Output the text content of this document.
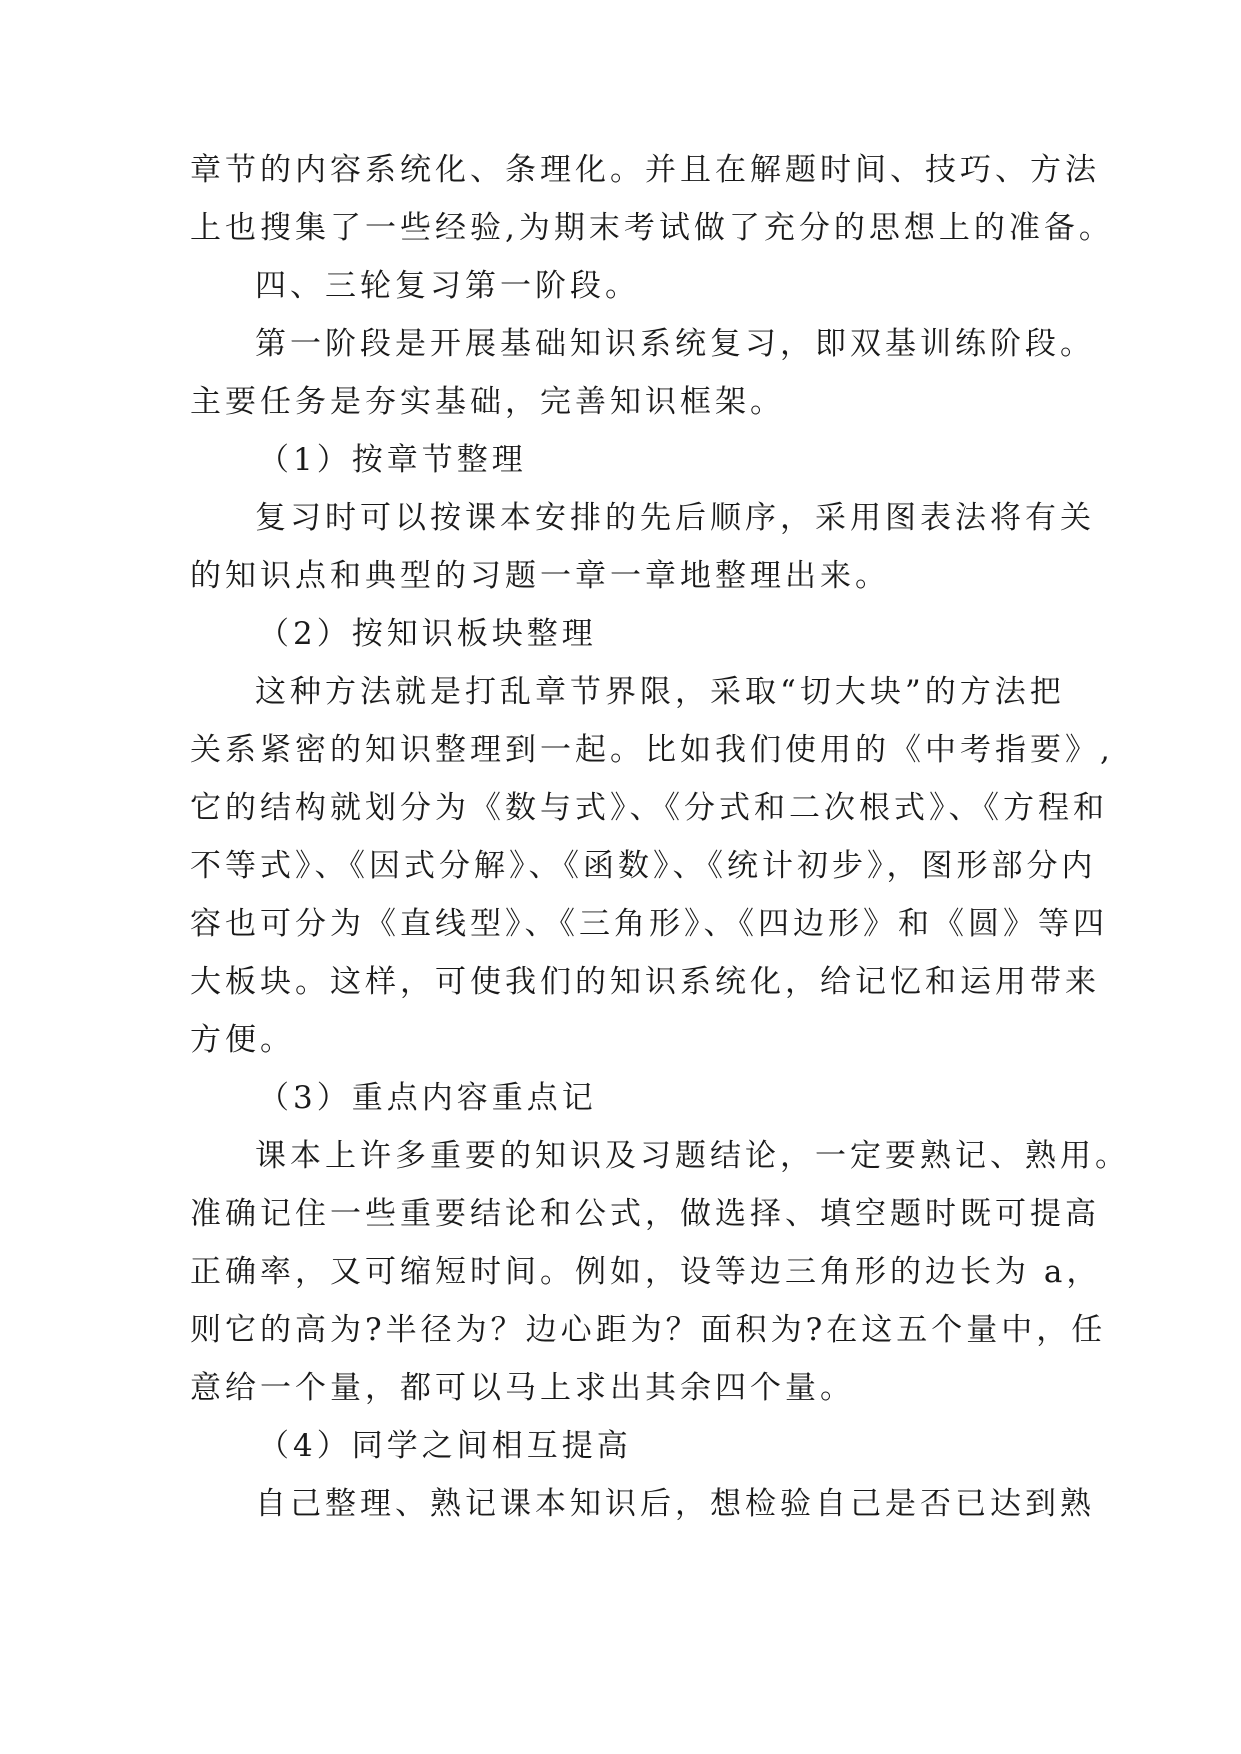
章节的内容系统化、条理化。并且在解题时间、技巧、方法
上也搜集了一些经验,为期末考试做了充分的思想上的准备。
四、三轮复习第一阶段。
第一阶段是开展基础知识系统复习，即双基训练阶段。
主要任务是夯实基础，完善知识框架。
（1）按章节整理
复习时可以按课本安排的先后顺序，采用图表法将有关
的知识点和典型的习题一章一章地整理出来。
（2）按知识板块整理
这种方法就是打乱章节界限，采取“切大块”的方法把
关系紧密的知识整理到一起。比如我们使用的《中考指要》,
它的结构就划分为《数与式》、《分式和二次根式》、《方程和
不等式》、《因式分解》、《函数》、《统计初步》，图形部分内
容也可分为《直线型》、《三角形》、《四边形》和《圆》等四
大板块。这样，可使我们的知识系统化，给记忆和运用带来
方便。
（3）重点内容重点记
课本上许多重要的知识及习题结论，一定要熟记、熟用。
准确记住一些重要结论和公式，做选择、填空题时既可提高
正确率，又可缩短时间。例如，设等边三角形的边长为 a，
则它的高为?半径为？边心距为？面积为?在这五个量中，任
意给一个量，都可以马上求出其余四个量。
（4）同学之间相互提高
自己整理、熟记课本知识后，想检验自己是否已达到熟
